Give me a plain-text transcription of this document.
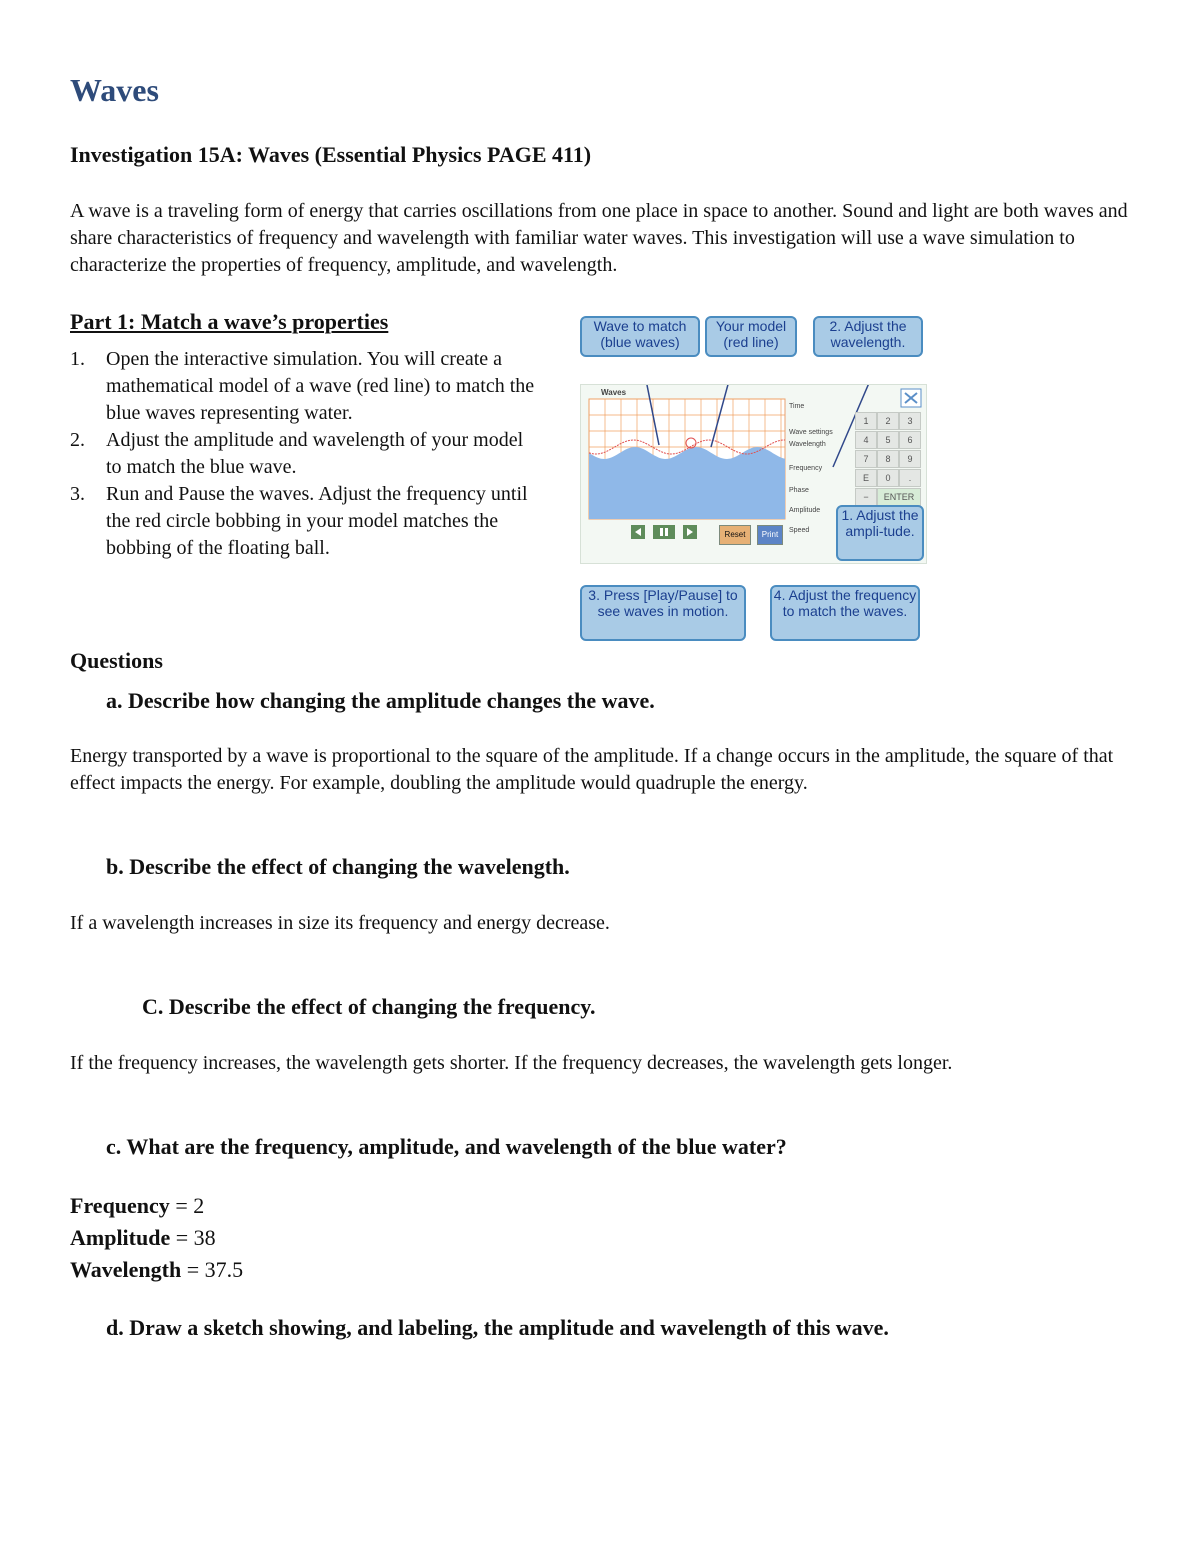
Waves
Investigation 15A: Waves (Essential Physics PAGE 411)
A wave is a traveling form of energy that carries oscillations from one place in space to another. Sound and light are both waves and share characteristics of frequency and wavelength with familiar water waves. This investigation will use a wave simulation to characterize the properties of frequency, amplitude, and wavelength.
Part 1: Match a wave’s properties
1. Open the interactive simulation. You will create a mathematical model of a wave (red line) to match the blue waves representing water.
2. Adjust the amplitude and wavelength of your model to match the blue wave.
3. Run and Pause the waves. Adjust the frequency until the red circle bobbing in your model matches the bobbing of the floating ball.
Wave to match (blue waves)
Your model (red line)
2. Adjust the wavelength.
Waves
Reset	Print
Time
Wave settings
Wavelength
Frequency
Phase
Amplitude
Speed
1	2	3
4	5	6
7	8	9
E	0	.
−	ENTER
1. Adjust the ampli-tude.
3. Press [Play/Pause] to see waves in motion.
4. Adjust the frequency to match the waves.
Questions
a. Describe how changing the amplitude changes the wave.
Energy transported by a wave is proportional to the square of the amplitude. If a change occurs in the amplitude, the square of that effect impacts the energy. For example, doubling the amplitude would quadruple the energy.
b. Describe the effect of changing the wavelength.
If a wavelength increases in size its frequency and energy decrease.
C. Describe the effect of changing the frequency.
If the frequency increases, the wavelength gets shorter. If the frequency decreases, the wavelength gets longer.
c. What are the frequency, amplitude, and wavelength of the blue water?
Frequency = 2
Amplitude = 38
Wavelength = 37.5
d. Draw a sketch showing, and labeling, the amplitude and wavelength of this wave.
